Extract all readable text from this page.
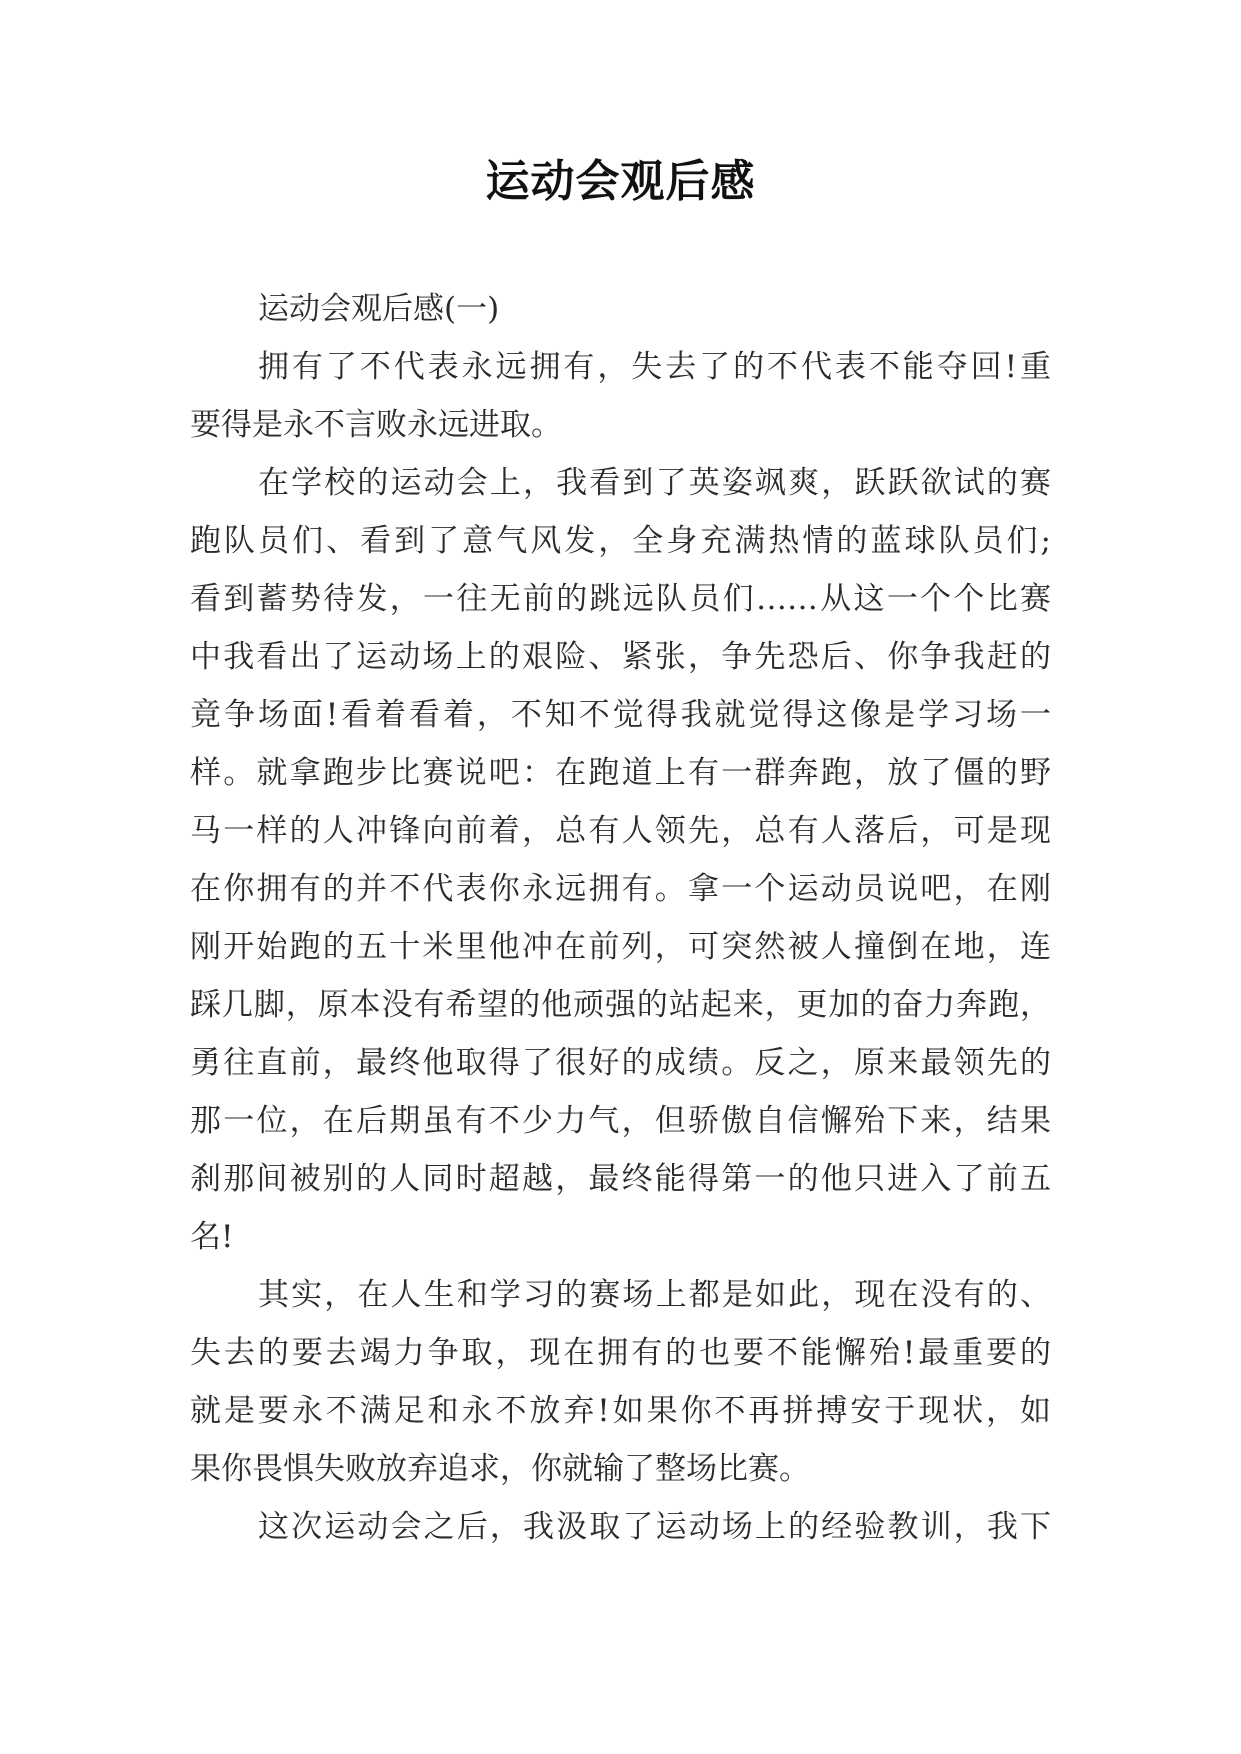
运动会观后感
运动会观后感(一)
拥有了不代表永远拥有，失去了的不代表不能夺回!重
要得是永不言败永远进取。
在学校的运动会上，我看到了英姿飒爽，跃跃欲试的赛
跑队员们、看到了意气风发，全身充满热情的蓝球队员们;
看到蓄势待发，一往无前的跳远队员们……从这一个个比赛
中我看出了运动场上的艰险、紧张，争先恐后、你争我赶的
竟争场面!看着看着，不知不觉得我就觉得这像是学习场一
样。就拿跑步比赛说吧：在跑道上有一群奔跑，放了僵的野
马一样的人冲锋向前着，总有人领先，总有人落后，可是现
在你拥有的并不代表你永远拥有。拿一个运动员说吧，在刚
刚开始跑的五十米里他冲在前列，可突然被人撞倒在地，连
踩几脚，原本没有希望的他顽强的站起来，更加的奋力奔跑，
勇往直前，最终他取得了很好的成绩。反之，原来最领先的
那一位，在后期虽有不少力气，但骄傲自信懈殆下来，结果
刹那间被别的人同时超越，最终能得第一的他只进入了前五
名!
其实，在人生和学习的赛场上都是如此，现在没有的、
失去的要去竭力争取，现在拥有的也要不能懈殆!最重要的
就是要永不满足和永不放弃!如果你不再拼搏安于现状，如
果你畏惧失败放弃追求，你就输了整场比赛。
这次运动会之后，我汲取了运动场上的经验教训，我下
